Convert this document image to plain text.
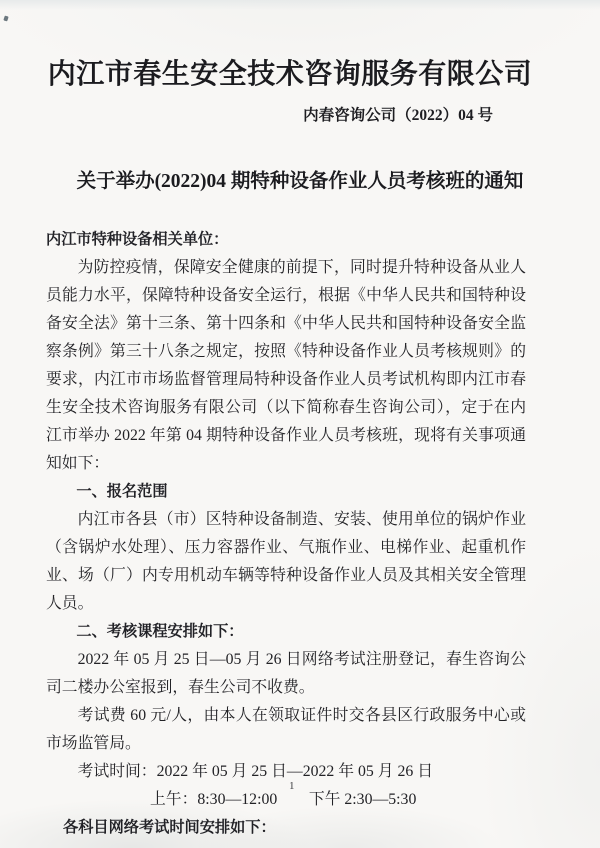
内江市春生安全技术咨询服务有限公司
内春咨询公司（2022）04 号
关于举办(2022)04 期特种设备作业人员考核班的通知

内江市特种设备相关单位：

为防控疫情，保障安全健康的前提下，同时提升特种设备从业人员能力水平，保障特种设备安全运行，根据《中华人民共和国特种设备安全法》第十三条、第十四条和《中华人民共和国特种设备安全监察条例》第三十八条之规定，按照《特种设备作业人员考核规则》的要求，内江市市场监督管理局特种设备作业人员考试机构即内江市春生安全技术咨询服务有限公司（以下简称春生咨询公司），定于在内江市举办 2022 年第 04 期特种设备作业人员考核班，现将有关事项通知如下：

一、报名范围

内江市各县（市）区特种设备制造、安装、使用单位的锅炉作业（含锅炉水处理）、压力容器作业、气瓶作业、电梯作业、起重机作业、场（厂）内专用机动车辆等特种设备作业人员及其相关安全管理人员。

二、考核课程安排如下：

2022 年 05 月 25 日—05 月 26 日网络考试注册登记，春生咨询公司二楼办公室报到，春生公司不收费。

考试费 60 元/人，由本人在领取证件时交各县区行政服务中心或市场监管局。

考试时间：2022 年 05 月 25 日—2022 年 05 月 26 日

上午：8:30—12:00　　下午 2:30—5:30

各科目网络考试时间安排如下：

1
